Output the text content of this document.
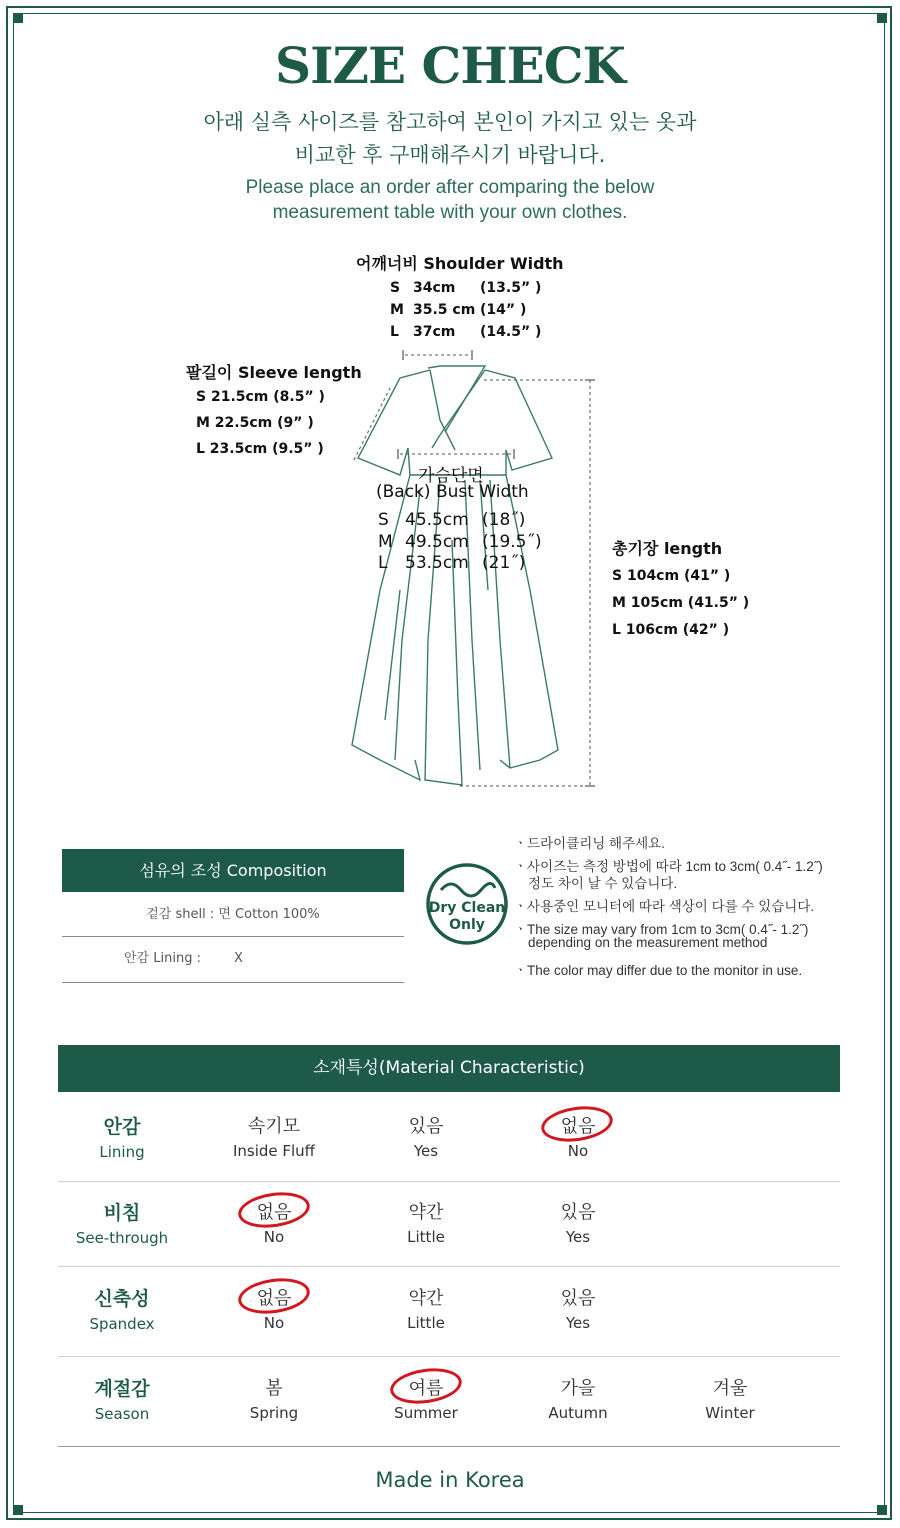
SIZE CHECK
아래 실측 사이즈를 참고하여 본인이 가지고 있는 옷과
비교한 후 구매해주시기 바랍니다.
Please place an order after comparing the below
measurement table with your own clothes.
어깨너비 Shoulder Width
S 34cm (13.5” )
M 35.5 cm (14” )
L 37cm (14.5” )
팔길이 Sleeve length
S 21.5cm (8.5” )
M 22.5cm (9” )
L 23.5cm (9.5” )
가슴단면
(Back) Bust Width
S 45.5cm (18˝)
M 49.5cm (19.5˝)
L 53.5cm (21˝)
총기장 length
S 104cm (41” )
M 105cm (41.5” )
L 106cm (42” )
섬유의 조성 Composition
겉감 shell : 면 Cotton 100%
안감 Lining :	X
Dry Clean
Only
ㆍ드라이클리닝 해주세요.
ㆍ사이즈는 측정 방법에 따라 1cm to 3cm( 0.4˝- 1.2˝)
정도 차이 날 수 있습니다.
ㆍ사용중인 모니터에 따라 색상이 다를 수 있습니다.
ㆍThe size may vary from 1cm to 3cm( 0.4˝- 1.2˝)
depending on the measurement method
ㆍThe color may differ due to the monitor in use.
소재특성(Material Characteristic)
안감
Lining
속기모
Inside Fluff
있음
Yes
없음
No
비침
See-through
없음
No
약간
Little
있음
Yes
신축성
Spandex
없음
No
약간
Little
있음
Yes
계절감
Season
봄
Spring
여름
Summer
가을
Autumn
겨울
Winter
Made in Korea
